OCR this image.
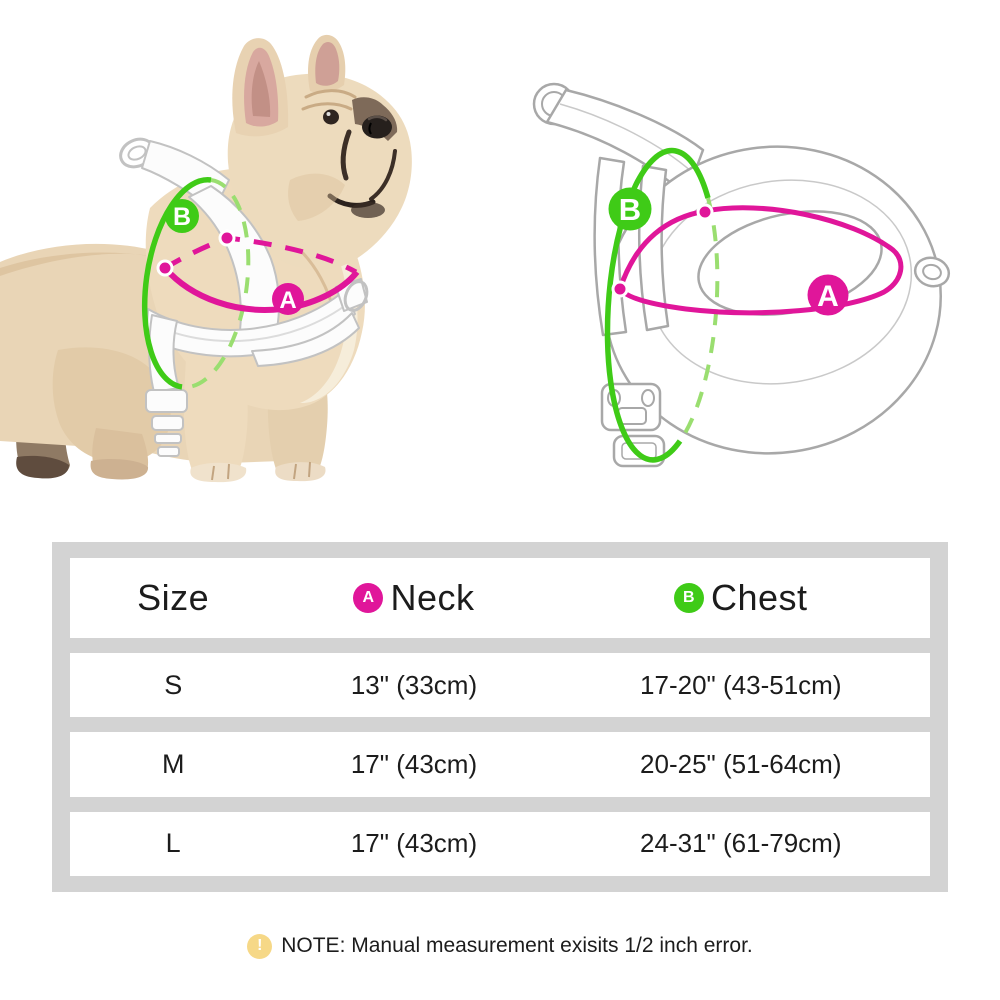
B
A
B
A
Size	A Neck	B Chest
S	13" (33cm)	17-20" (43-51cm)
M	17" (43cm)	20-25" (51-64cm)
L	17" (43cm)	24-31" (61-79cm)
! NOTE: Manual measurement exisits 1/2 inch error.
